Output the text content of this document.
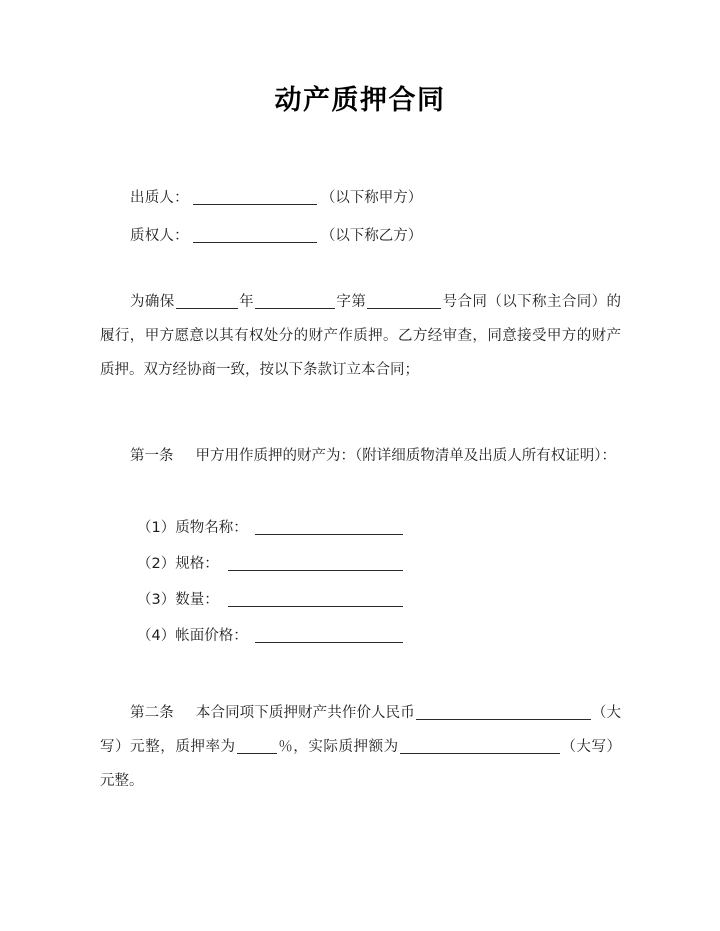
动产质押合同
出质人：	（以下称甲方）
质权人：	（以下称乙方）
为确保	年	字第	号合同（以下称主合同）的履行，甲方愿意以其有权处分的财产作质押。乙方经审查，同意接受甲方的财产质押。双方经协商一致，按以下条款订立本合同；
第一条 甲方用作质押的财产为：（附详细质物清单及出质人所有权证明）：
（1）质物名称：
（2）规格：
（3）数量：
（4）帐面价格：
第二条 本合同项下质押财产共作价人民币	（大写）元整，质押率为	％，实际质押额为	（大写）元整。
